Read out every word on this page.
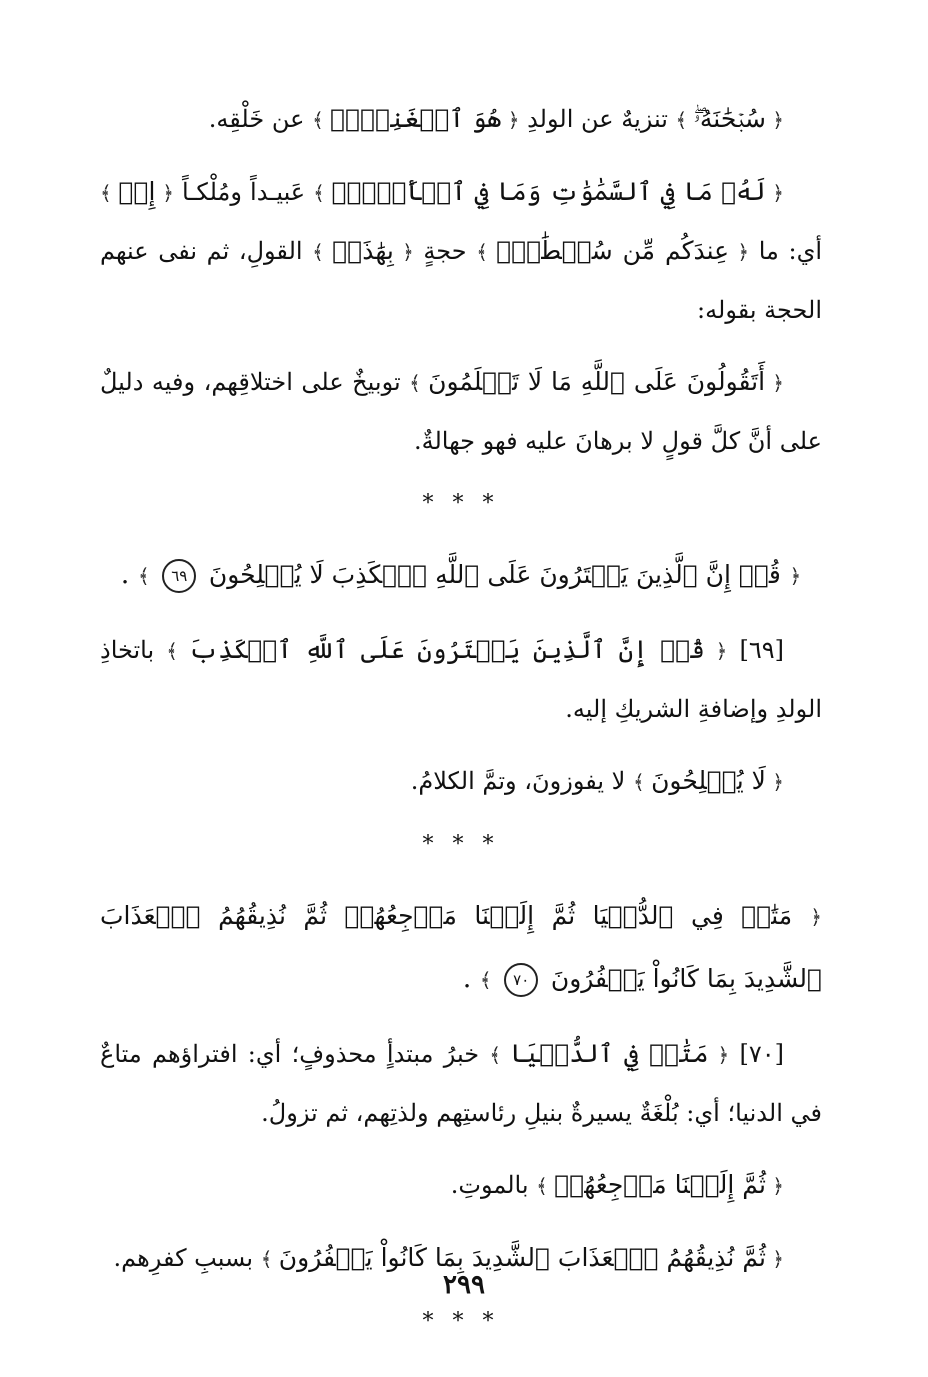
﴿ سُبۡحَٰنَهُۥۖ ﴾ تنزيهٌ عن الولدِ ﴿ هُوَ ٱلۡغَنِيُّۖ ﴾ عن خَلْقِه.

﴿ لَهُۥ مَا فِي ٱلسَّمَٰوَٰتِ وَمَا فِي ٱلۡأَرۡضِۚ ﴾ عَبيـداً ومُلْكـاً ﴿ إِنۡ ﴾ أي: ما ﴿ عِندَكُم مِّن سُلۡطَٰنِۭ ﴾ حجةٍ ﴿ بِهَٰذَآۚ ﴾ القولِ، ثم نفى عنهم الحجة بقوله:

﴿ أَتَقُولُونَ عَلَى ٱللَّهِ مَا لَا تَعۡلَمُونَ ﴾ توبيخٌ على اختلاقِهم، وفيه دليلٌ على أنَّ كلَّ قولٍ لا برهانَ عليه فهو جهالةٌ.

* * *
﴿ قُلۡ إِنَّ ٱلَّذِينَ يَفۡتَرُونَ عَلَى ٱللَّهِ ٱلۡكَذِبَ لَا يُفۡلِحُونَ ٦٩ ﴾ .

[٦٩] ﴿ قُلۡ إِنَّ ٱلَّذِينَ يَفۡتَرُونَ عَلَى ٱللَّهِ ٱلۡكَذِبَ ﴾ باتخاذِ الولدِ وإضافةِ الشريكِ إليه.

﴿ لَا يُفۡلِحُونَ ﴾ لا يفوزونَ، وتمَّ الكلامُ.

* * *
﴿ مَتَٰعٞ فِي ٱلدُّنۡيَا ثُمَّ إِلَيۡنَا مَرۡجِعُهُمۡ ثُمَّ نُذِيقُهُمُ ٱلۡعَذَابَ ٱلشَّدِيدَ بِمَا كَانُواْ يَكۡفُرُونَ ٧٠ ﴾ .

[٧٠] ﴿ مَتَٰعٞ فِي ٱلدُّنۡيَا ﴾ خبرُ مبتدأٍ محذوفٍ؛ أي: افتراؤهم متاعٌ في الدنيا؛ أي: بُلْغَةٌ يسيرةٌ بنيلِ رئاستِهم ولذتِهم، ثم تزولُ.

﴿ ثُمَّ إِلَيۡنَا مَرۡجِعُهُمۡ ﴾ بالموتِ.

﴿ ثُمَّ نُذِيقُهُمُ ٱلۡعَذَابَ ٱلشَّدِيدَ بِمَا كَانُواْ يَكۡفُرُونَ ﴾ بسببِ كفرِهم.

* * *
٢٩٩
